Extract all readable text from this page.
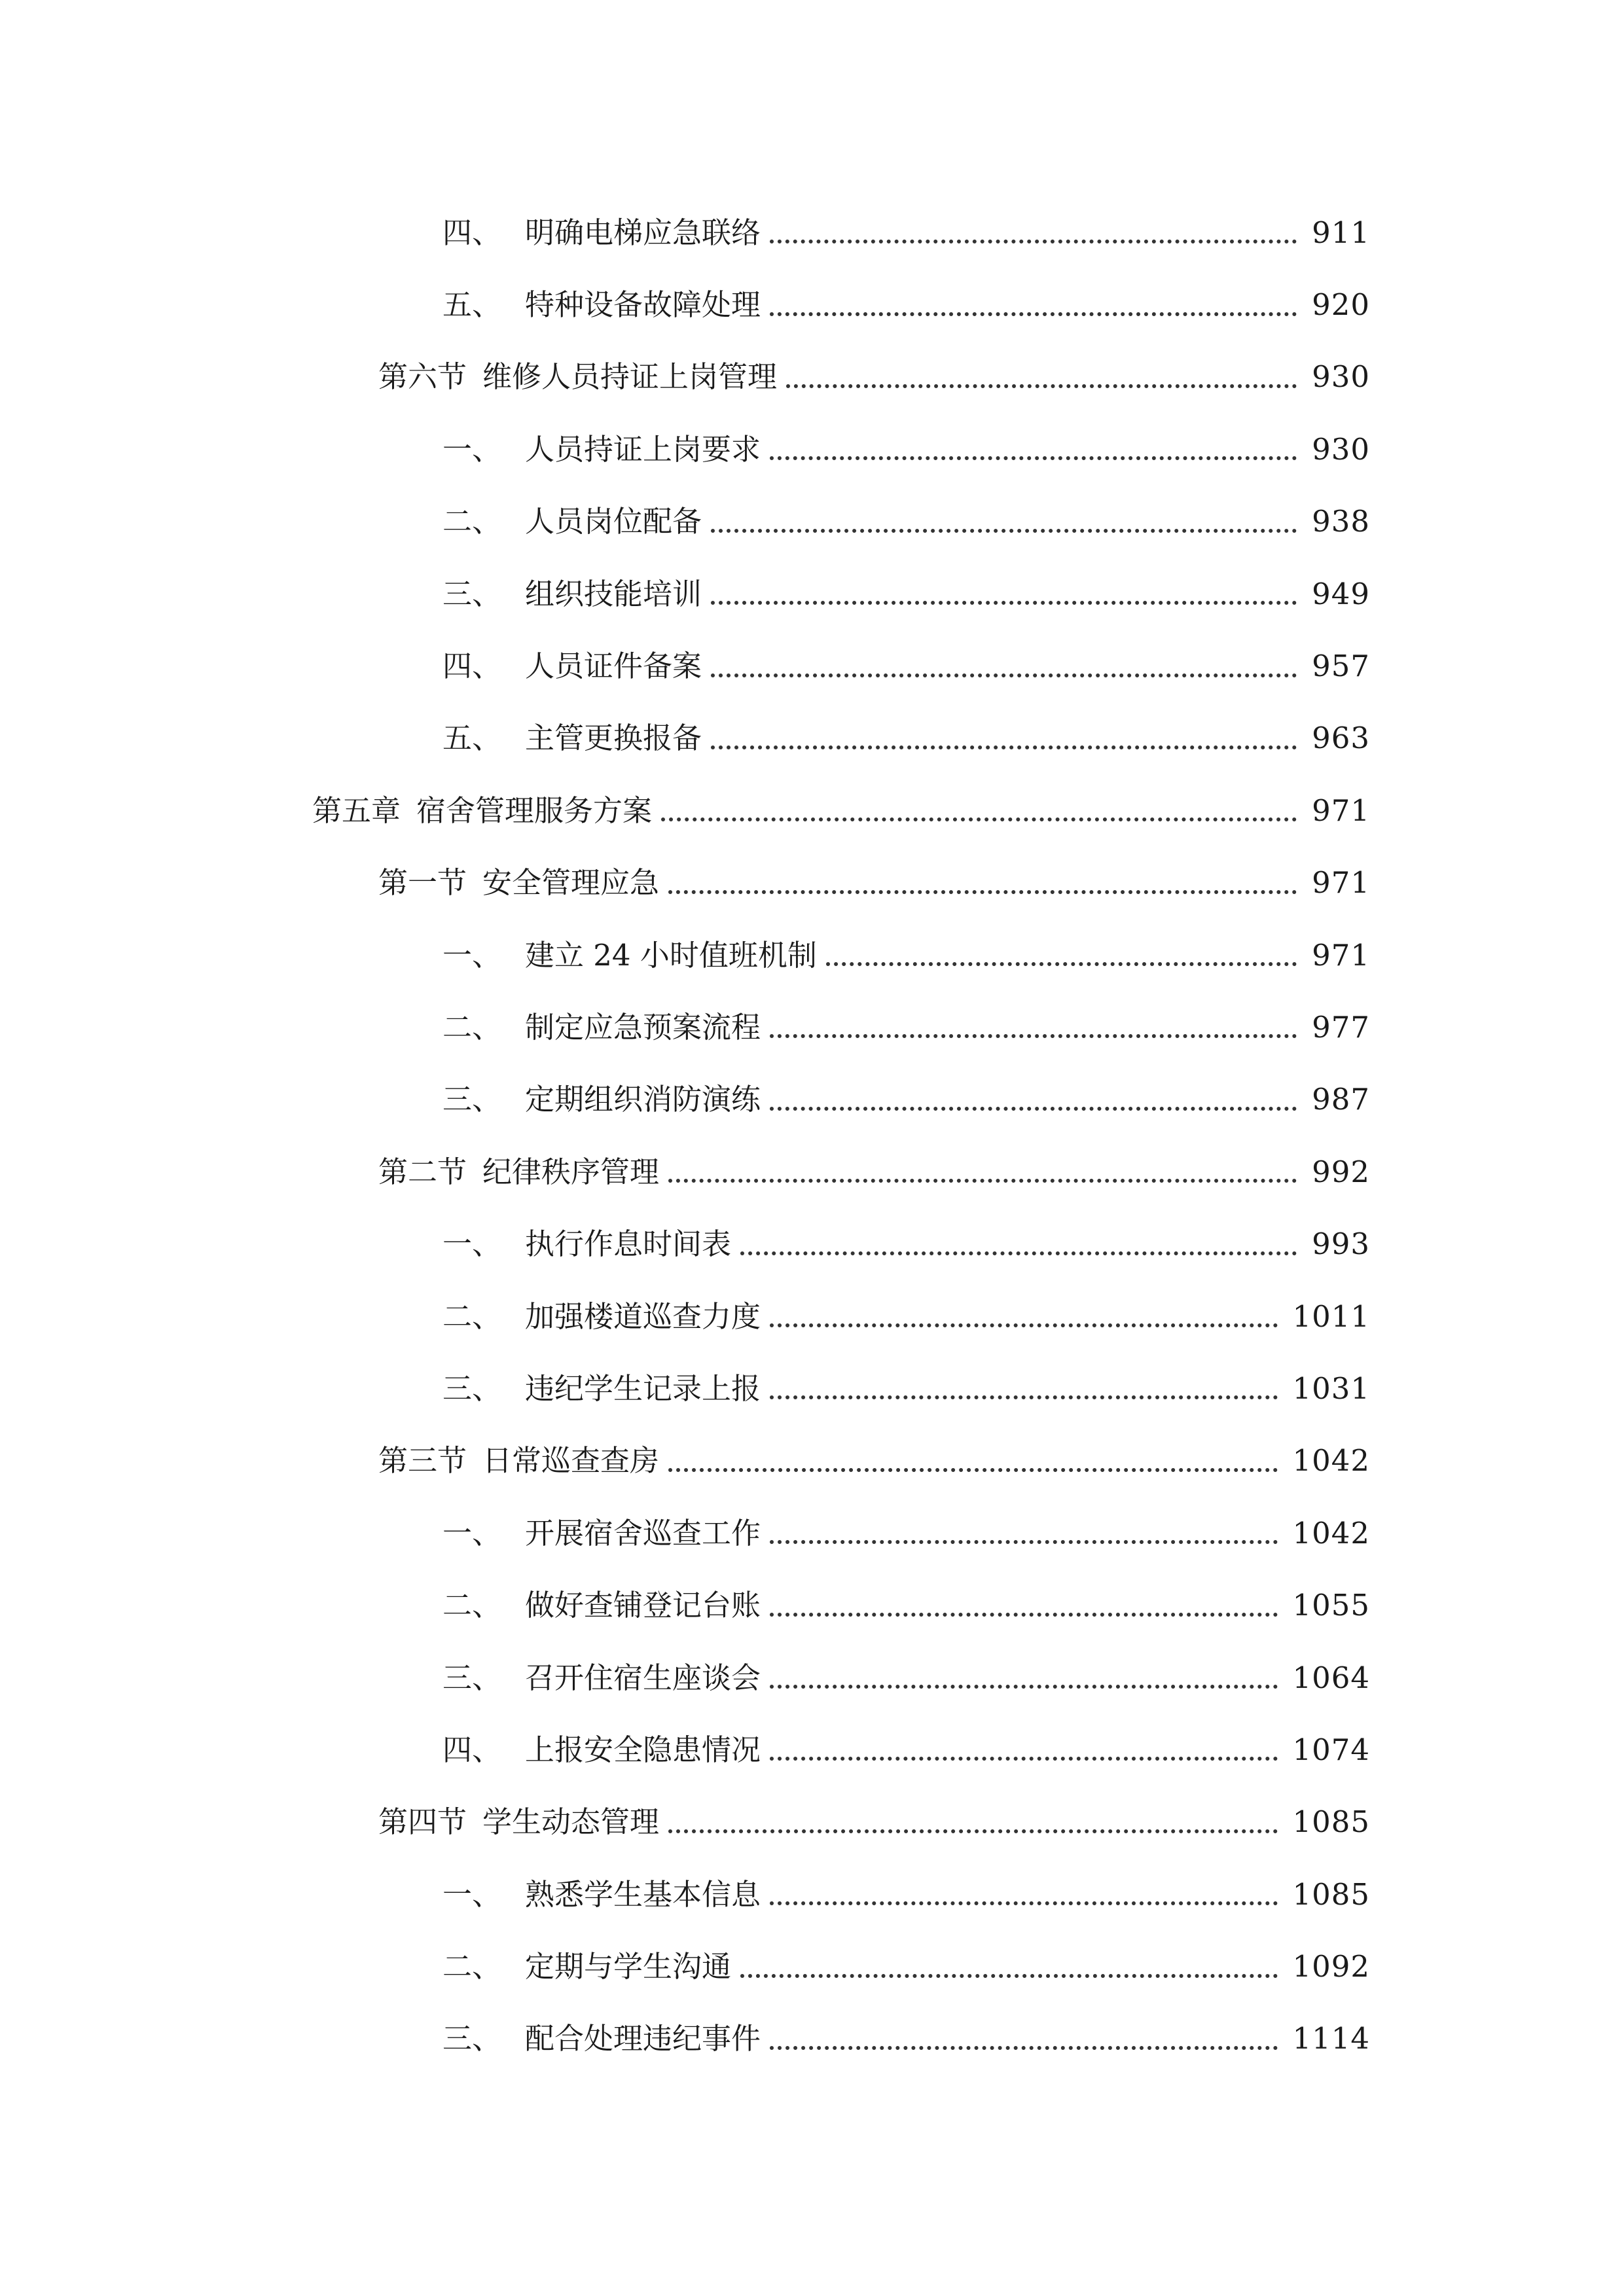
四、 明确电梯应急联络	911
五、 特种设备故障处理	920
第六节 维修人员持证上岗管理	930
一、 人员持证上岗要求	930
二、 人员岗位配备	938
三、 组织技能培训	949
四、 人员证件备案	957
五、 主管更换报备	963
第五章 宿舍管理服务方案	971
第一节 安全管理应急	971
一、 建立 24 小时值班机制	971
二、 制定应急预案流程	977
三、 定期组织消防演练	987
第二节 纪律秩序管理	992
一、 执行作息时间表	993
二、 加强楼道巡查力度	1011
三、 违纪学生记录上报	1031
第三节 日常巡查查房	1042
一、 开展宿舍巡查工作	1042
二、 做好查铺登记台账	1055
三、 召开住宿生座谈会	1064
四、 上报安全隐患情况	1074
第四节 学生动态管理	1085
一、 熟悉学生基本信息	1085
二、 定期与学生沟通	1092
三、 配合处理违纪事件	1114
